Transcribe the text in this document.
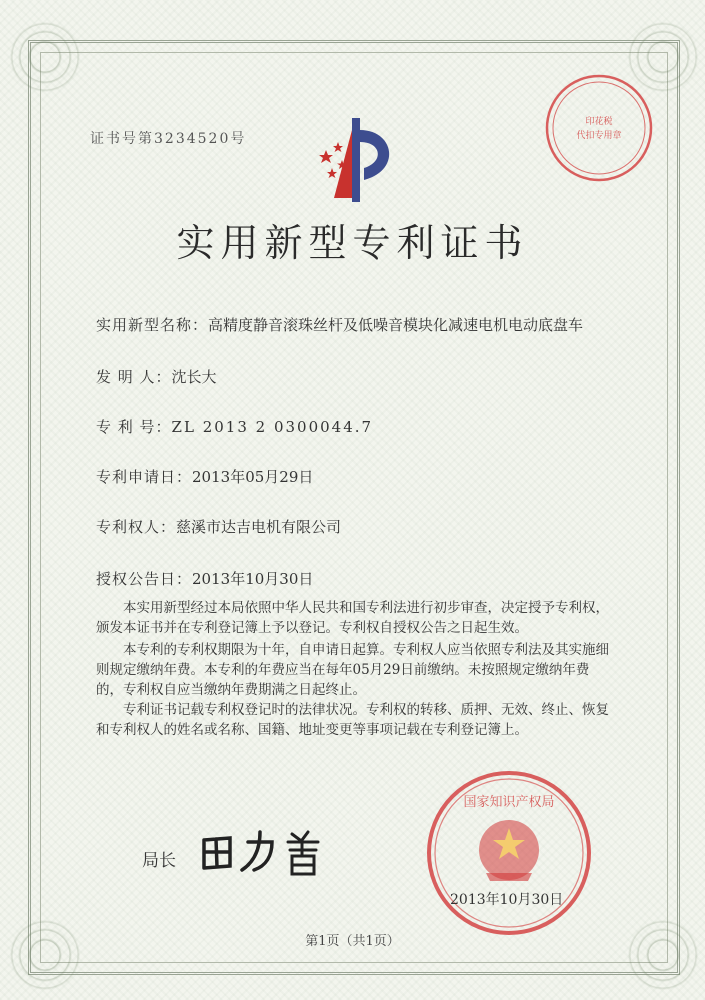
证书号第3234520号
印花税
代扣专用章
实用新型专利证书
实用新型名称：高精度静音滚珠丝杆及低噪音模块化减速电机电动底盘车
发 明 人：沈长大
专 利 号：ZL 2013 2 0300044.7
专利申请日：2013年05月29日
专利权人：慈溪市达吉电机有限公司
授权公告日：2013年10月30日

本实用新型经过本局依照中华人民共和国专利法进行初步审查，决定授予专利权，颁发本证书并在专利登记簿上予以登记。专利权自授权公告之日起生效。

本专利的专利权期限为十年，自申请日起算。专利权人应当依照专利法及其实施细则规定缴纳年费。本专利的年费应当在每年05月29日前缴纳。未按照规定缴纳年费的，专利权自应当缴纳年费期满之日起终止。

专利证书记载专利权登记时的法律状况。专利权的转移、质押、无效、终止、恢复和专利权人的姓名或名称、国籍、地址变更等事项记载在专利登记簿上。

局长
国家知识产权局
2013年10月30日
第1页（共1页）
